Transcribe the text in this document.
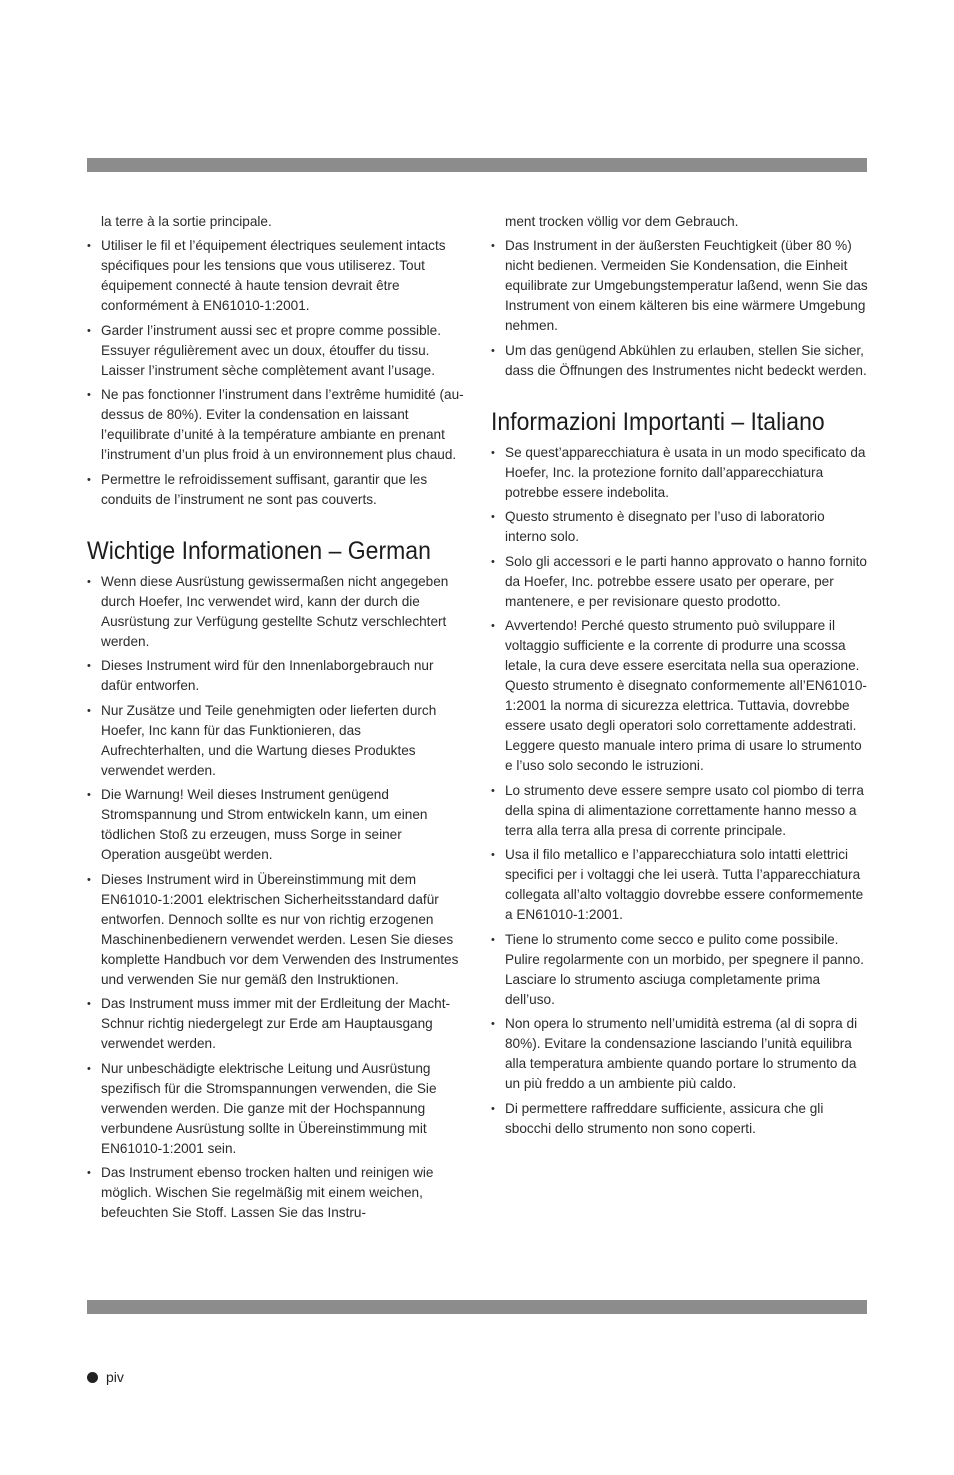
la terre à la sortie principale.

• Utiliser le fil et l’équipement électriques seulement intacts spécifiques pour les tensions que vous utiliserez. Tout équipement connecté à haute tension devrait être conformément à EN61010-1:2001.
• Garder l’instrument aussi sec et propre comme possible. Essuyer régulièrement avec un doux, étouffer du tissu. Laisser l’instrument sèche complètement avant l’usage.
• Ne pas fonctionner l’instrument dans l’extrême humidité (au-dessus de 80%). Eviter la condensation en laissant l’equilibrate d’unité à la température ambiante en prenant l’instrument d’un plus froid à un environnement plus chaud.
• Permettre le refroidissement suffisant, garantir que les conduits de l’instrument ne sont pas couverts.
Wichtige Informationen – German
• Wenn diese Ausrüstung gewissermaßen nicht angegeben durch Hoefer, Inc verwendet wird, kann der durch die Ausrüstung zur Verfügung gestellte Schutz verschlechtert werden.
• Dieses Instrument wird für den Innenlaborgebrauch nur dafür entworfen.
• Nur Zusätze und Teile genehmigten oder lieferten durch Hoefer, Inc kann für das Funktionieren, das Aufrechterhalten, und die Wartung dieses Produktes verwendet werden.
• Die Warnung! Weil dieses Instrument genügend Stromspannung und Strom entwickeln kann, um einen tödlichen Stoß zu erzeugen, muss Sorge in seiner Operation ausgeübt werden.
• Dieses Instrument wird in Übereinstimmung mit dem EN61010-1:2001 elektrischen Sicherheitsstandard dafür entworfen. Dennoch sollte es nur von richtig erzogenen Maschinenbedienern verwendet werden. Lesen Sie dieses komplette Handbuch vor dem Verwenden des Instrumentes und verwenden Sie nur gemäß den Instruktionen.
• Das Instrument muss immer mit der Erdleitung der Macht-Schnur richtig niedergelegt zur Erde am Hauptausgang verwendet werden.
• Nur unbeschädigte elektrische Leitung und Ausrüstung spezifisch für die Stromspannungen verwenden, die Sie verwenden werden. Die ganze mit der Hochspannung verbundene Ausrüstung sollte in Übereinstimmung mit EN61010-1:2001 sein.
• Das Instrument ebenso trocken halten und reinigen wie möglich. Wischen Sie regelmäßig mit einem weichen, befeuchten Sie Stoff. Lassen Sie das Instru-

ment trocken völlig vor dem Gebrauch.

• Das Instrument in der äußersten Feuchtigkeit (über 80 %) nicht bedienen. Vermeiden Sie Kondensation, die Einheit equilibrate zur Umgebungstemperatur laßend, wenn Sie das Instrument von einem kälteren bis eine wärmere Umgebung nehmen.
• Um das genügend Abkühlen zu erlauben, stellen Sie sicher, dass die Öffnungen des Instrumentes nicht bedeckt werden.
Informazioni Importanti – Italiano
• Se quest’apparecchiatura è usata in un modo specificato da Hoefer, Inc. la protezione fornito dall’apparecchiatura potrebbe essere indebolita.
• Questo strumento è disegnato per l’uso di laboratorio interno solo.
• Solo gli accessori e le parti hanno approvato o hanno fornito da Hoefer, Inc. potrebbe essere usato per operare, per mantenere, e per revisionare questo prodotto.
• Avvertendo! Perché questo strumento può sviluppare il voltaggio sufficiente e la corrente di produrre una scossa letale, la cura deve essere esercitata nella sua operazione. Questo strumento è disegnato conformemente all’EN61010-1:2001 la norma di sicurezza elettrica. Tuttavia, dovrebbe essere usato degli operatori solo correttamente addestrati. Leggere questo manuale intero prima di usare lo strumento e l’uso solo secondo le istruzioni.
• Lo strumento deve essere sempre usato col piombo di terra della spina di alimentazione correttamente hanno messo a terra alla terra alla presa di corrente principale.
• Usa il filo metallico e l’apparecchiatura solo intatti elettrici specifici per i voltaggi che lei userà. Tutta l’apparecchiatura collegata all’alto voltaggio dovrebbe essere conformemente a EN61010-1:2001.
• Tiene lo strumento come secco e pulito come possibile. Pulire regolarmente con un morbido, per spegnere il panno. Lasciare lo strumento asciuga completamente prima dell’uso.
• Non opera lo strumento nell’umidità estrema (al di sopra di 80%). Evitare la condensazione lasciando l’unità equilibra alla temperatura ambiente quando portare lo strumento da un più freddo a un ambiente più caldo.
• Di permettere raffreddare sufficiente, assicura che gli sbocchi dello strumento non sono coperti.
piv
